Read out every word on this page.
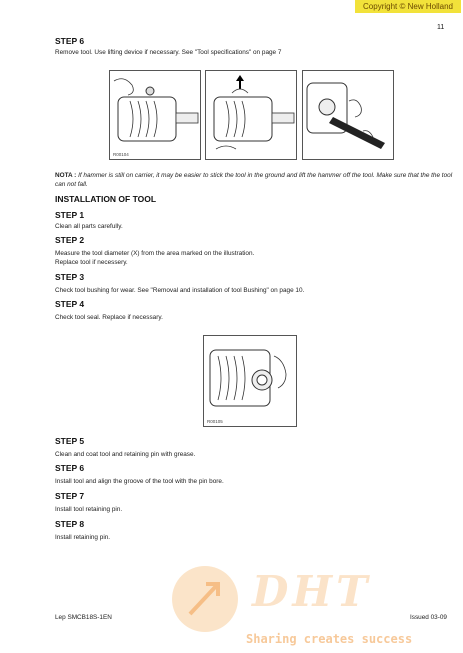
Copyright © New Holland
11
STEP 6
Remove tool. Use lifting device if necessary. See "Tool specifications" on page 7
R00104
NOTA : If hammer is still on carrier, it may be easier to stick the tool in the ground and lift the hammer off the tool. Make sure that the the tool can not fall.
INSTALLATION OF TOOL
STEP 1
Clean all parts carefully.
STEP 2
Measure the tool diameter (X) from the area marked on the illustration.
Replace tool if necessery.
STEP 3
Check tool bushing for wear. See "Removal and installation of tool Bushing" on page 10.
STEP 4
Check tool seal. Replace if necessary.
R00105
STEP 5
Clean and coat tool and retaining pin with grease.
STEP 6
Install tool and align the groove of the tool with the pin bore.
STEP 7
Install tool retaining pin.
STEP 8
Install retaining pin.
DHT
Sharing creates success
Lep SMCB18S-1EN	Issued 03-09
